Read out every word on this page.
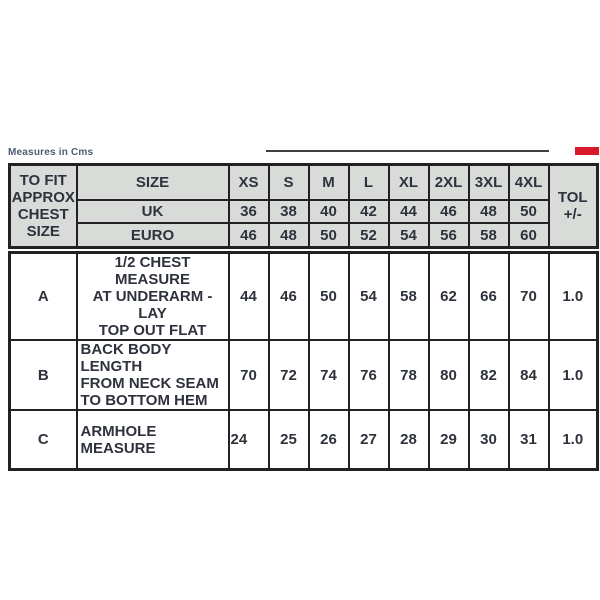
Measures in Cms
TO FIT
APPROX
CHEST
SIZE	SIZE	XS	S	M	L	XL	2XL	3XL	4XL	TOL
+/-

	UK	36	38	40	42	44	46	48	50	
	EURO	46	48	50	52	54	56	58	60	
A	1/2 CHEST MEASURE
AT UNDERARM - LAY
TOP OUT FLAT	44	46	50	54	58	62	66	70	1.0
B	BACK BODY LENGTH
FROM NECK SEAM
TO BOTTOM HEM	70	72	74	76	78	80	82	84	1.0
C	ARMHOLE MEASURE	24	25	26	27	28	29	30	31	1.0
